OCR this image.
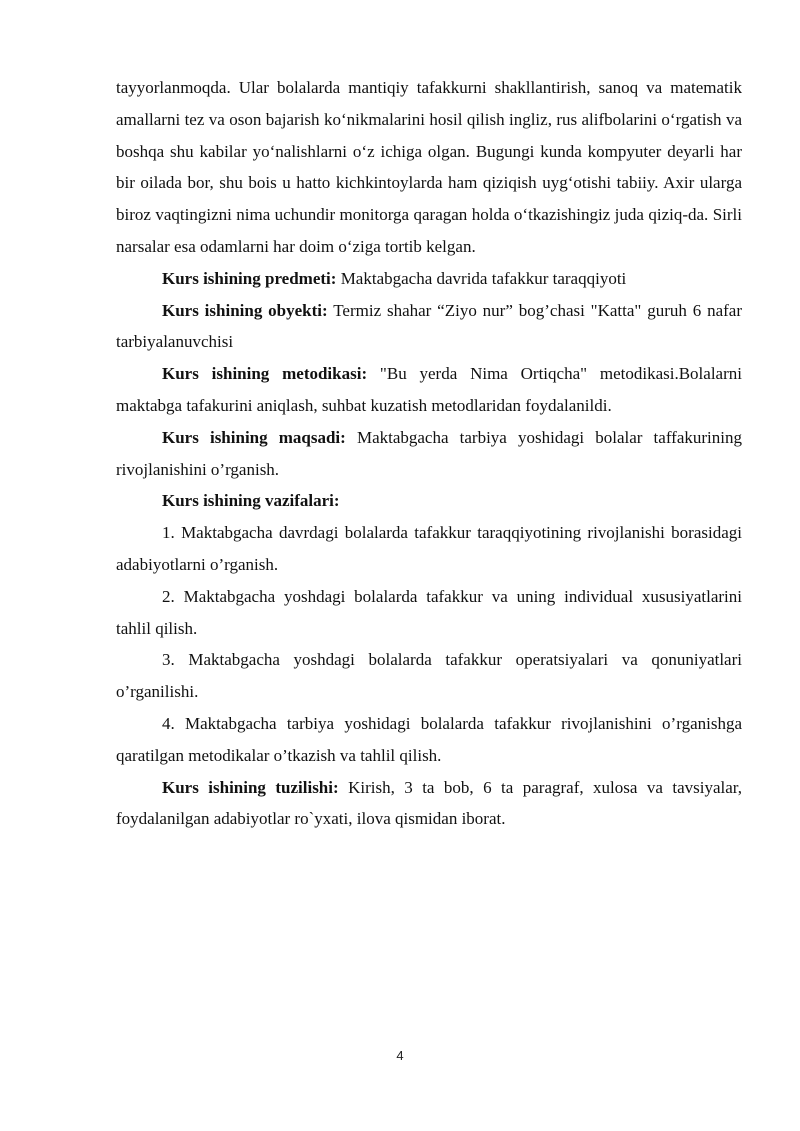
tayyorlanmoqda. Ular bolalarda mantiqiy tafakkurni shakllantirish, sanoq va matematik amallarni tez va oson bajarish ko‘nikmalarini hosil qilish ingliz, rus alifbolarini o‘rgatish va boshqa shu kabilar yo‘nalishlarni o‘z ichiga olgan. Bugungi kunda kompyuter deyarli har bir oilada bor, shu bois u hatto kichkintoylarda ham qiziqish uyg‘otishi tabiiy. Axir ularga biroz vaqtingizni nima uchundir monitorga qaragan holda o‘tkazishingiz juda qiziq-da. Sirli narsalar esa odamlarni har doim o‘ziga tortib kelgan.

Kurs ishining predmeti: Maktabgacha davrida tafakkur taraqqiyoti

Kurs ishining obyekti: Termiz shahar “Ziyo nur” bog’chasi "Katta" guruh 6 nafar tarbiyalanuvchisi

Kurs ishining metodikasi: "Bu yerda Nima Ortiqcha" metodikasi.Bolalarni maktabga tafakurini aniqlash, suhbat kuzatish metodlaridan foydalanildi.

Kurs ishining maqsadi: Maktabgacha tarbiya yoshidagi bolalar taffakurining rivojlanishini o’rganish.

Kurs ishining vazifalari:

1. Maktabgacha davrdagi bolalarda tafakkur taraqqiyotining rivojlanishi borasidagi adabiyotlarni o’rganish.

2. Maktabgacha yoshdagi bolalarda tafakkur va uning individual xususiyatlarini tahlil qilish.

3. Maktabgacha yoshdagi bolalarda tafakkur operatsiyalari va qonuniyatlari o’rganilishi.

4. Maktabgacha tarbiya yoshidagi bolalarda tafakkur rivojlanishini o’rganishga qaratilgan metodikalar o’tkazish va tahlil qilish.

Kurs ishining tuzilishi: Kirish, 3 ta bob, 6 ta paragraf, xulosa va tavsiyalar, foydalanilgan adabiyotlar ro`yxati, ilova qismidan iborat.

4
